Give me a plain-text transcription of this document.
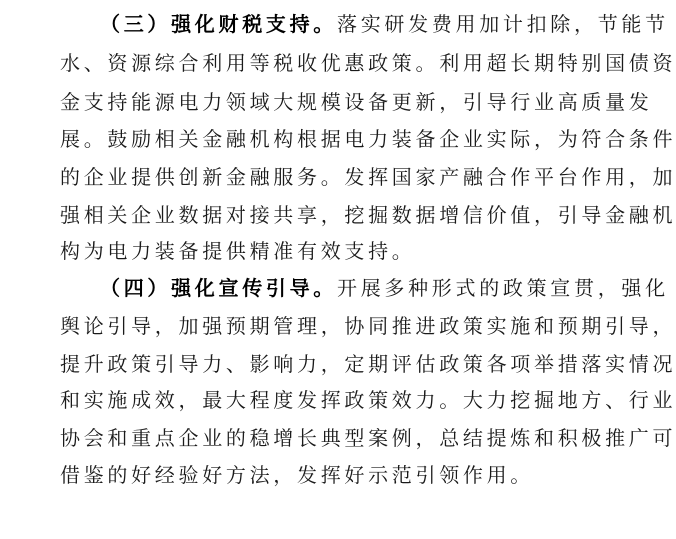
（三）强化财税支持。落实研发费用加计扣除，节能节
水、资源综合利用等税收优惠政策。利用超长期特别国债资
金支持能源电力领域大规模设备更新，引导行业高质量发
展。鼓励相关金融机构根据电力装备企业实际，为符合条件
的企业提供创新金融服务。发挥国家产融合作平台作用，加
强相关企业数据对接共享，挖掘数据增信价值，引导金融机
构为电力装备提供精准有效支持。
（四）强化宣传引导。开展多种形式的政策宣贯，强化
舆论引导，加强预期管理，协同推进政策实施和预期引导，
提升政策引导力、影响力，定期评估政策各项举措落实情况
和实施成效，最大程度发挥政策效力。大力挖掘地方、行业
协会和重点企业的稳增长典型案例，总结提炼和积极推广可
借鉴的好经验好方法，发挥好示范引领作用。
